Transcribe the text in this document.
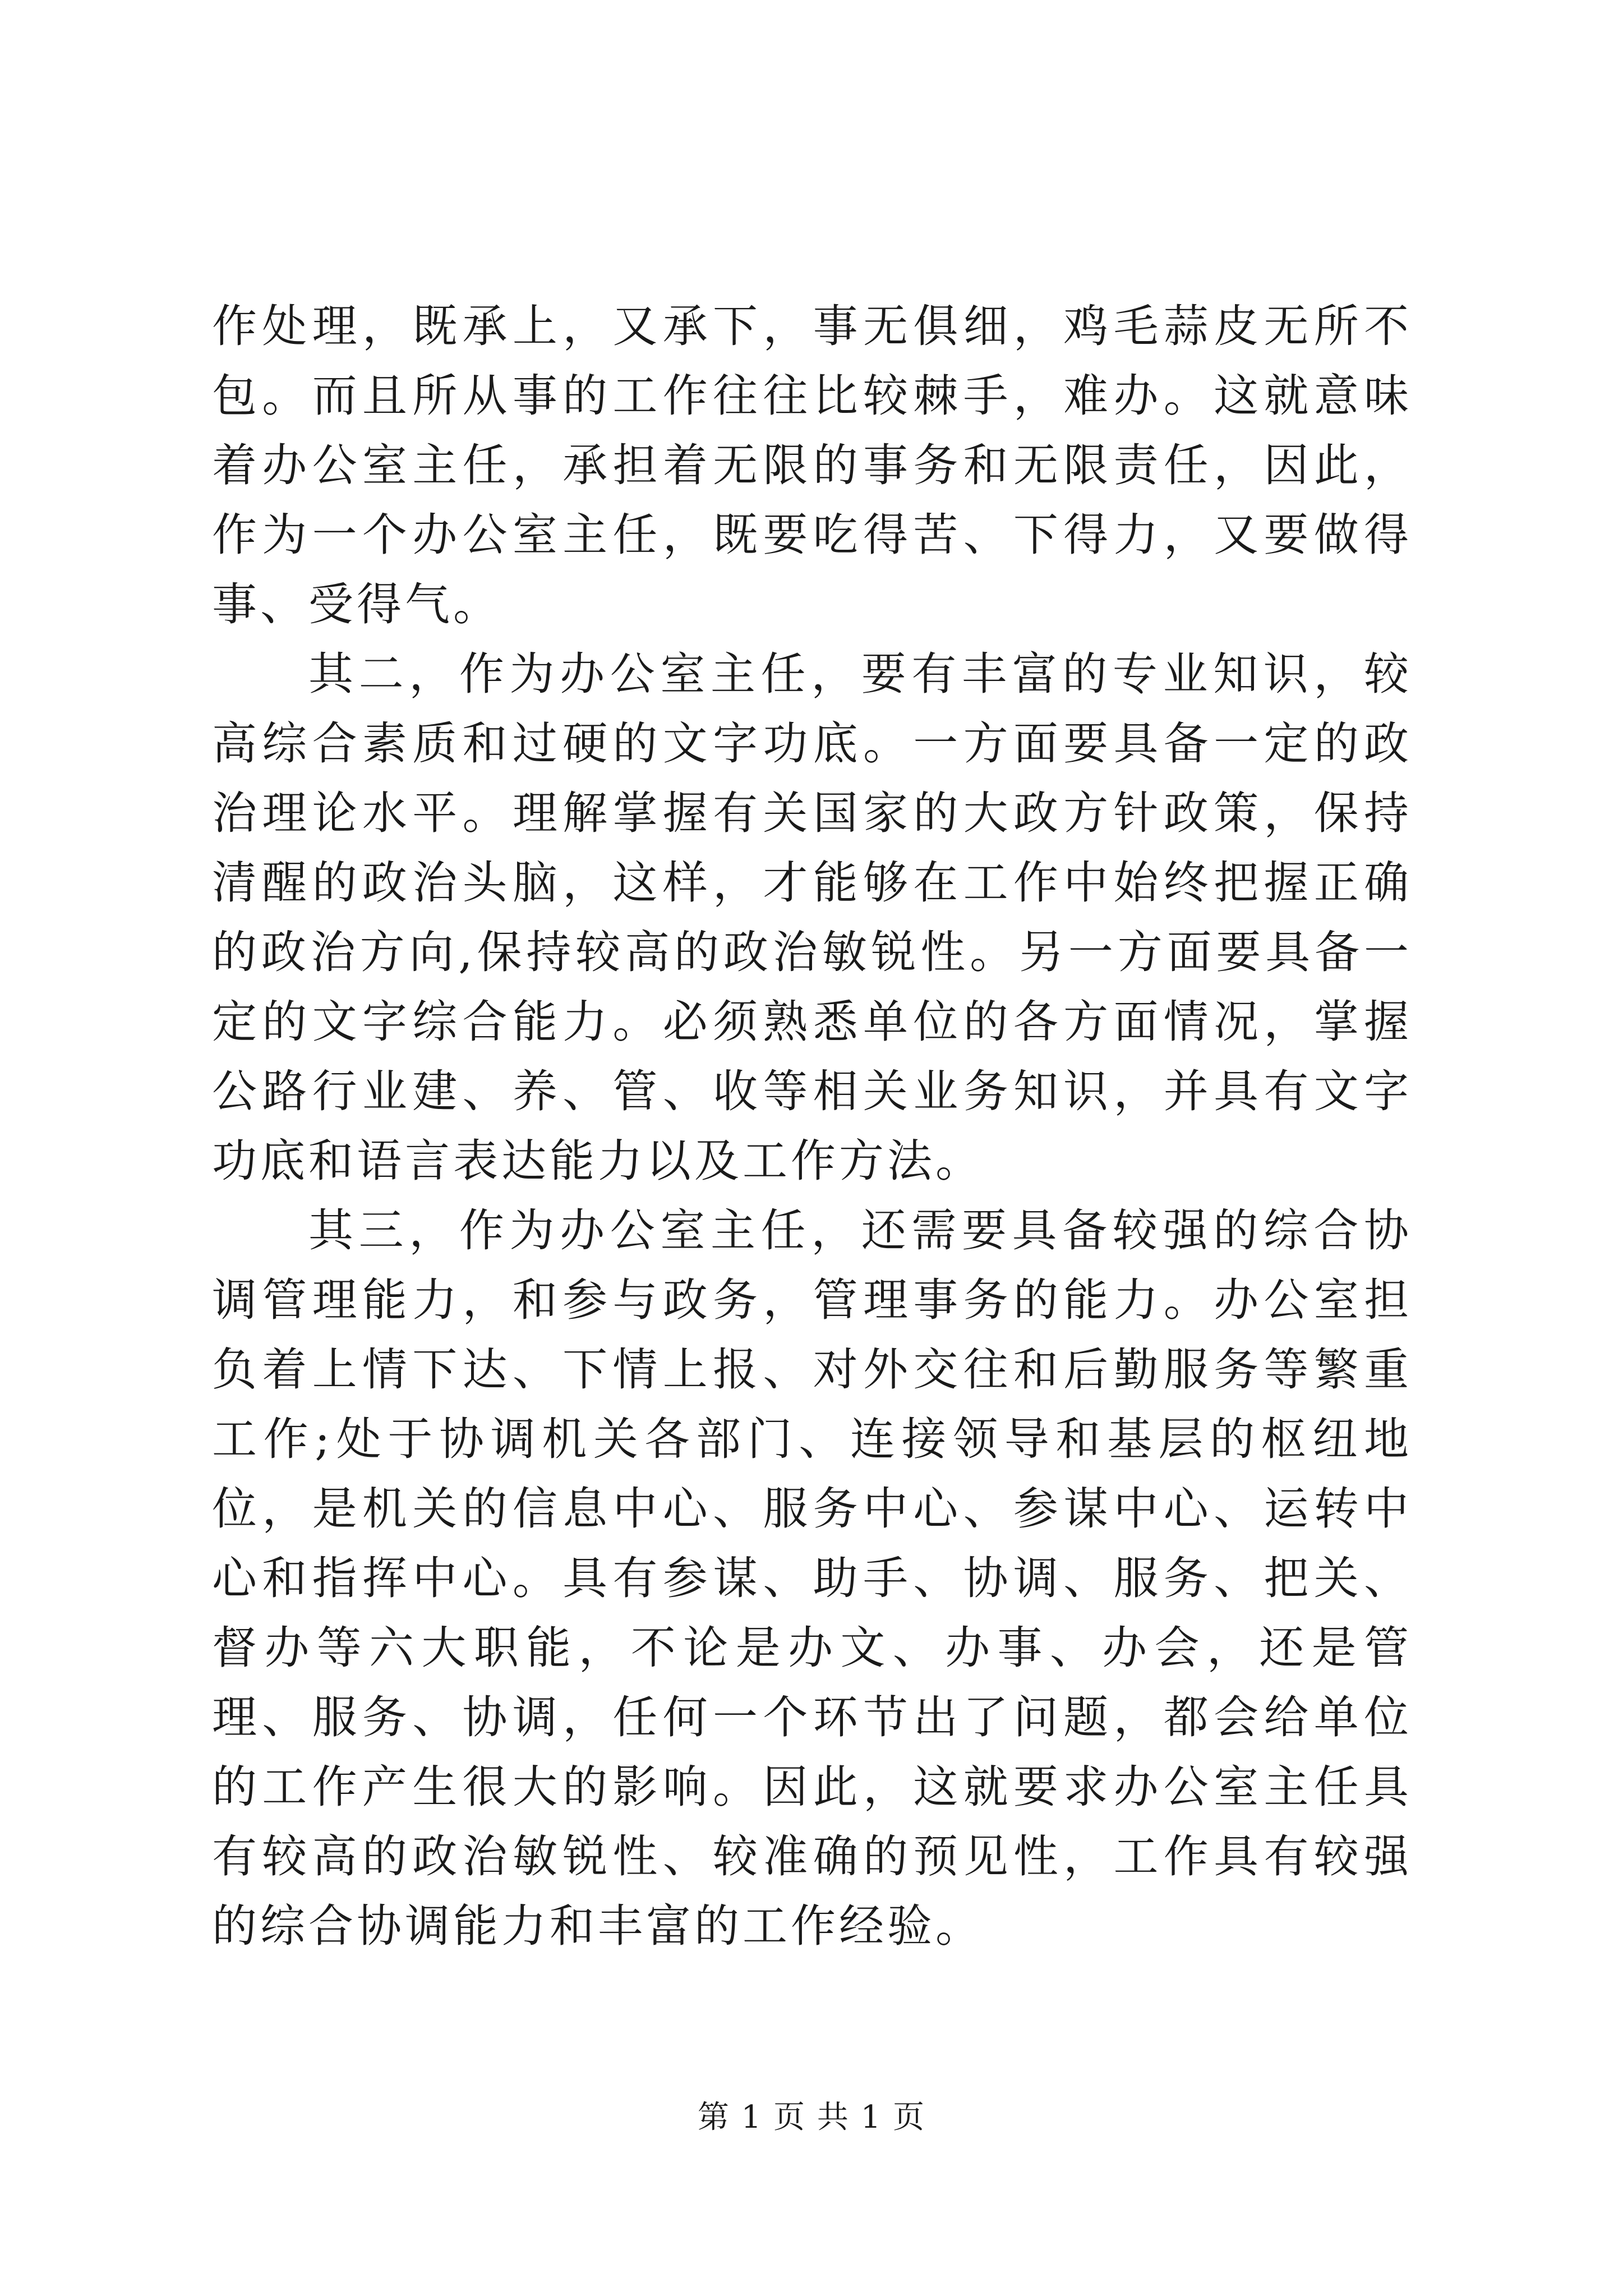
作处理，既承上，又承下，事无俱细，鸡毛蒜皮无所不包。而且所从事的工作往往比较棘手，难办。这就意味着办公室主任，承担着无限的事务和无限责任，因此，作为一个办公室主任，既要吃得苦、下得力，又要做得事、受得气。

其二，作为办公室主任，要有丰富的专业知识，较高综合素质和过硬的文字功底。一方面要具备一定的政治理论水平。理解掌握有关国家的大政方针政策，保持清醒的政治头脑，这样，才能够在工作中始终把握正确的政治方向,保持较高的政治敏锐性。另一方面要具备一定的文字综合能力。必须熟悉单位的各方面情况，掌握公路行业建、养、管、收等相关业务知识，并具有文字功底和语言表达能力以及工作方法。

其三，作为办公室主任，还需要具备较强的综合协调管理能力，和参与政务，管理事务的能力。办公室担负着上情下达、下情上报、对外交往和后勤服务等繁重工作;处于协调机关各部门、连接领导和基层的枢纽地位，是机关的信息中心、服务中心、参谋中心、运转中心和指挥中心。具有参谋、助手、协调、服务、把关、督办等六大职能，不论是办文、办事、办会，还是管理、服务、协调，任何一个环节出了问题，都会给单位的工作产生很大的影响。因此，这就要求办公室主任具有较高的政治敏锐性、较准确的预见性，工作具有较强的综合协调能力和丰富的工作经验。

第 1 页 共 1 页
